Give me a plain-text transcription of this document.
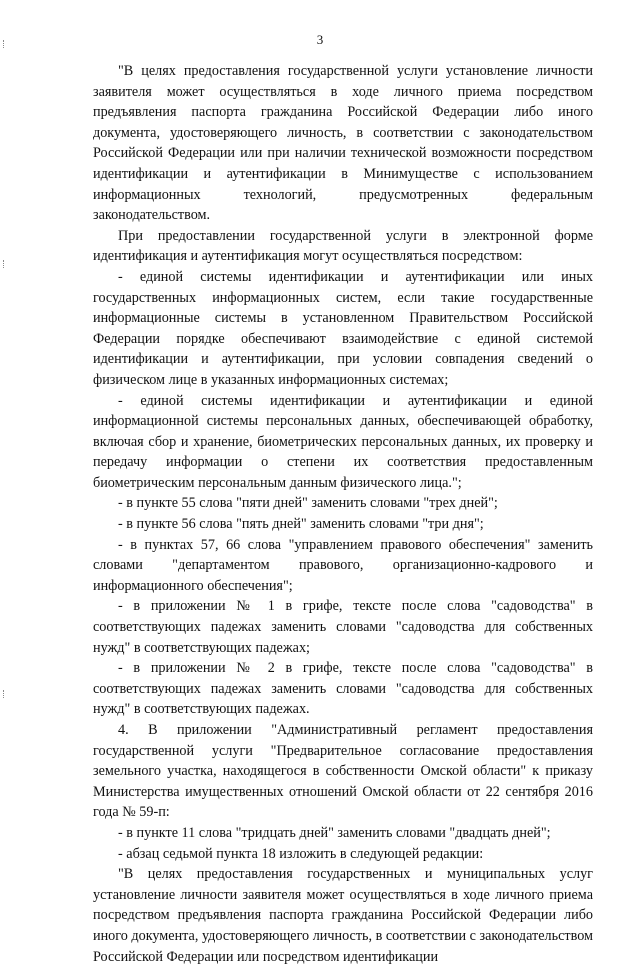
3

"В целях предоставления государственной услуги установление личности заявителя может осуществляться в ходе личного приема посредством предъявления паспорта гражданина Российской Федерации либо иного документа, удостоверяющего личность, в соответствии с законодательством Российской Федерации или при наличии технической возможности посредством идентификации и аутентификации в Минимуществе с использованием информационных технологий, предусмотренных федеральным законодательством.

При предоставлении государственной услуги в электронной форме идентификация и аутентификация могут осуществляться посредством:

- единой системы идентификации и аутентификации или иных государственных информационных систем, если такие государственные информационные системы в установленном Правительством Российской Федерации порядке обеспечивают взаимодействие с единой системой идентификации и аутентификации, при условии совпадения сведений о физическом лице в указанных информационных системах;

- единой системы идентификации и аутентификации и единой информационной системы персональных данных, обеспечивающей обработку, включая сбор и хранение, биометрических персональных данных, их проверку и передачу информации о степени их соответствия предоставленным биометрическим персональным данным физического лица.";

- в пункте 55 слова "пяти дней" заменить словами "трех дней";

- в пункте 56 слова "пять дней" заменить словами "три дня";

- в пунктах 57, 66 слова "управлением правового обеспечения" заменить словами "департаментом правового, организационно-кадрового и информационного обеспечения";

- в приложении № 1 в грифе, тексте после слова "садоводства" в соответствующих падежах заменить словами "садоводства для собственных нужд" в соответствующих падежах;

- в приложении № 2 в грифе, тексте после слова "садоводства" в соответствующих падежах заменить словами "садоводства для собственных нужд" в соответствующих падежах.

4. В приложении "Административный регламент предоставления государственной услуги "Предварительное согласование предоставления земельного участка, находящегося в собственности Омской области" к приказу Министерства имущественных отношений Омской области от 22 сентября 2016 года № 59-п:

- в пункте 11 слова "тридцать дней" заменить словами "двадцать дней";

- абзац седьмой пункта 18 изложить в следующей редакции:

"В целях предоставления государственных и муниципальных услуг установление личности заявителя может осуществляться в ходе личного приема посредством предъявления паспорта гражданина Российской Федерации либо иного документа, удостоверяющего личность, в соответствии с законодательством Российской Федерации или посредством идентификации
